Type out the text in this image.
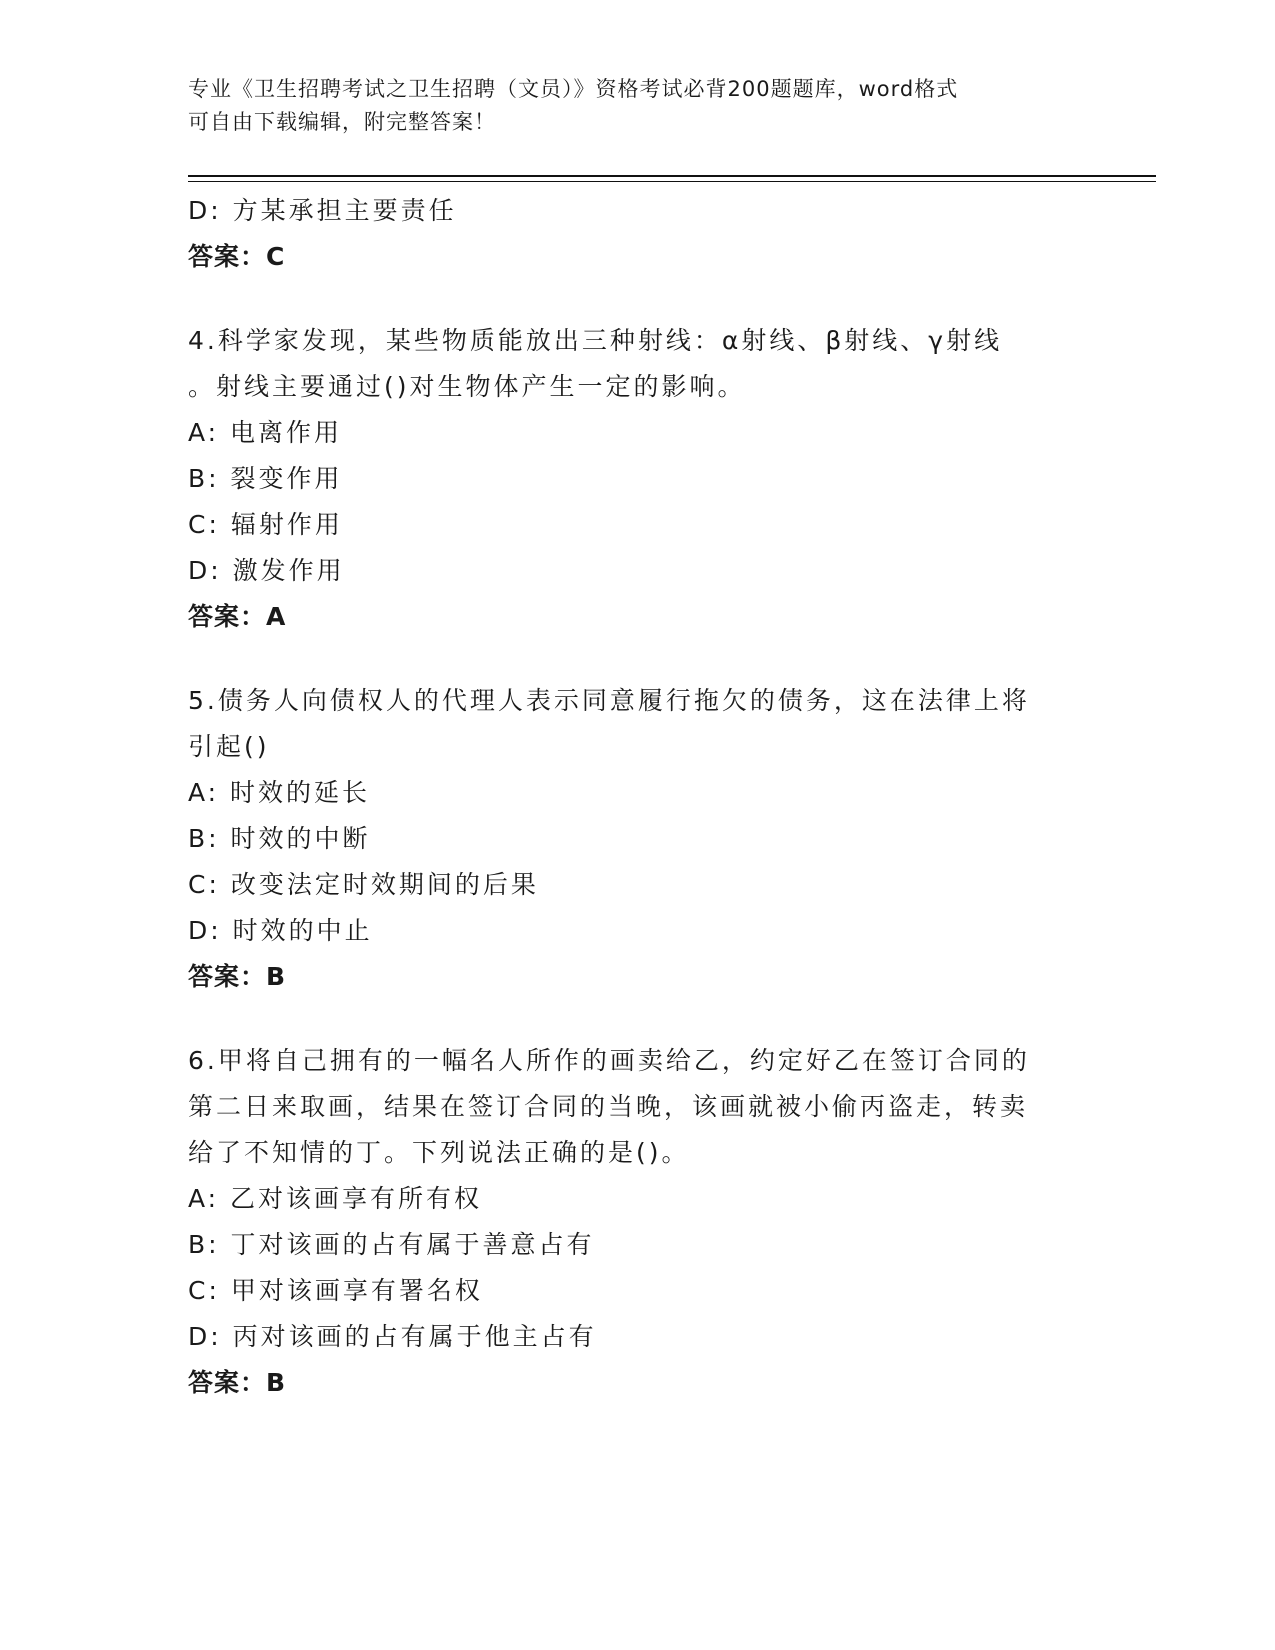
专业《卫生招聘考试之卫生招聘（文员）》资格考试必背200题题库，word格式
可自由下载编辑，附完整答案！
D: 方某承担主要责任
答案：C
4.科学家发现，某些物质能放出三种射线：α射线、β射线、γ射线
。射线主要通过()对生物体产生一定的影响。
A: 电离作用
B: 裂变作用
C: 辐射作用
D: 激发作用
答案：A
5.债务人向债权人的代理人表示同意履行拖欠的债务，这在法律上将
引起()
A: 时效的延长
B: 时效的中断
C: 改变法定时效期间的后果
D: 时效的中止
答案：B
6.甲将自己拥有的一幅名人所作的画卖给乙，约定好乙在签订合同的
第二日来取画，结果在签订合同的当晚，该画就被小偷丙盗走，转卖
给了不知情的丁。下列说法正确的是()。
A: 乙对该画享有所有权
B: 丁对该画的占有属于善意占有
C: 甲对该画享有署名权
D: 丙对该画的占有属于他主占有
答案：B
